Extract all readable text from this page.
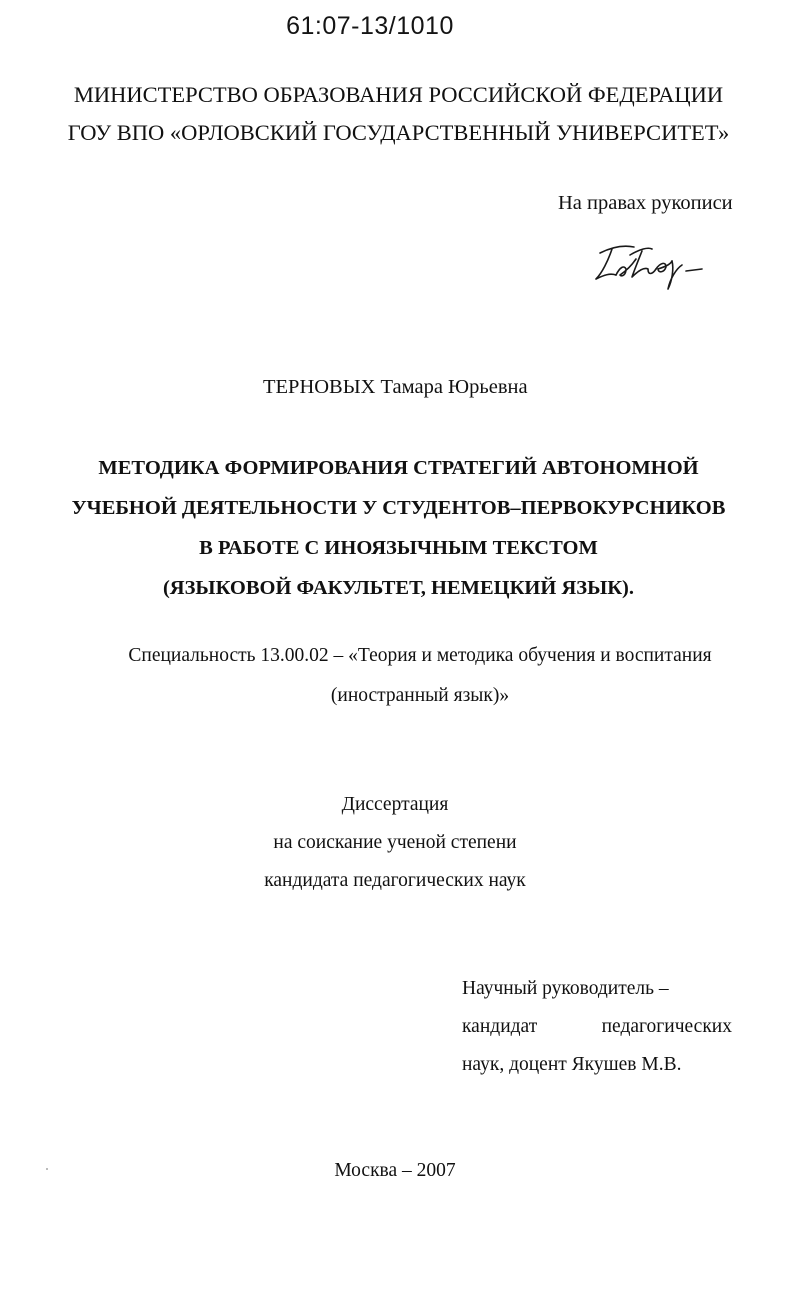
61:07-13/1010
МИНИСТЕРСТВО ОБРАЗОВАНИЯ РОССИЙСКОЙ ФЕДЕРАЦИИ
ГОУ ВПО «ОРЛОВСКИЙ ГОСУДАРСТВЕННЫЙ УНИВЕРСИТЕТ»
На правах рукописи
ТЕРНОВЫХ Тамара Юрьевна
МЕТОДИКА ФОРМИРОВАНИЯ СТРАТЕГИЙ АВТОНОМНОЙ
УЧЕБНОЙ ДЕЯТЕЛЬНОСТИ У СТУДЕНТОВ–ПЕРВОКУРСНИКОВ
В РАБОТЕ С ИНОЯЗЫЧНЫМ ТЕКСТОМ
(ЯЗЫКОВОЙ ФАКУЛЬТЕТ, НЕМЕЦКИЙ ЯЗЫК).
Специальность 13.00.02 – «Теория и методика обучения и воспитания
(иностранный язык)»
Диссертация
на соискание ученой степени
кандидата педагогических наук
Научный руководитель –
кандидат	педагогических
наук, доцент Якушев М.В.
Москва – 2007
